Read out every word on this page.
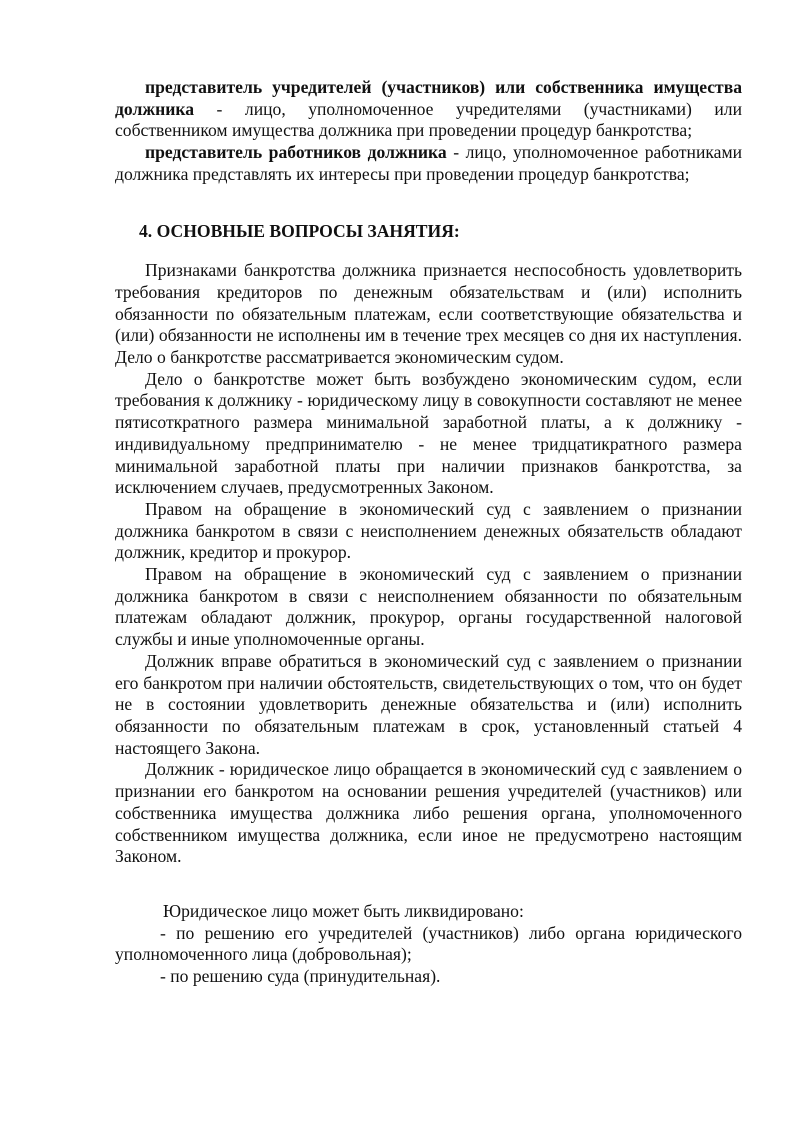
представитель учредителей (участников) или собственника имущества должника - лицо, уполномоченное учредителями (участниками) или собственником имущества должника при проведении процедур банкротства;

представитель работников должника - лицо, уполномоченное работниками должника представлять их интересы при проведении процедур банкротства;

4. ОСНОВНЫЕ ВОПРОСЫ ЗАНЯТИЯ:

Признаками банкротства должника признается неспособность удовлетворить требования кредиторов по денежным обязательствам и (или) исполнить обязанности по обязательным платежам, если соответствующие обязательства и (или) обязанности не исполнены им в течение трех месяцев со дня их наступления. Дело о банкротстве рассматривается экономическим судом.

Дело о банкротстве может быть возбуждено экономическим судом, если требования к должнику - юридическому лицу в совокупности составляют не менее пятисоткратного размера минимальной заработной платы, а к должнику - индивидуальному предпринимателю - не менее тридцатикратного размера минимальной заработной платы при наличии признаков банкротства, за исключением случаев, предусмотренных Законом.

Правом на обращение в экономический суд с заявлением о признании должника банкротом в связи с неисполнением денежных обязательств обладают должник, кредитор и прокурор.

Правом на обращение в экономический суд с заявлением о признании должника банкротом в связи с неисполнением обязанности по обязательным платежам обладают должник, прокурор, органы государственной налоговой службы и иные уполномоченные органы.

Должник вправе обратиться в экономический суд с заявлением о признании его банкротом при наличии обстоятельств, свидетельствующих о том, что он будет не в состоянии удовлетворить денежные обязательства и (или) исполнить обязанности по обязательным платежам в срок, установленный статьей 4 настоящего Закона.

Должник - юридическое лицо обращается в экономический суд с заявлением о признании его банкротом на основании решения учредителей (участников) или собственника имущества должника либо решения органа, уполномоченного собственником имущества должника, если иное не предусмотрено настоящим Законом.

Юридическое лицо может быть ликвидировано:

- по решению его учредителей (участников) либо органа юридического уполномоченного лица (добровольная);

- по решению суда (принудительная).
